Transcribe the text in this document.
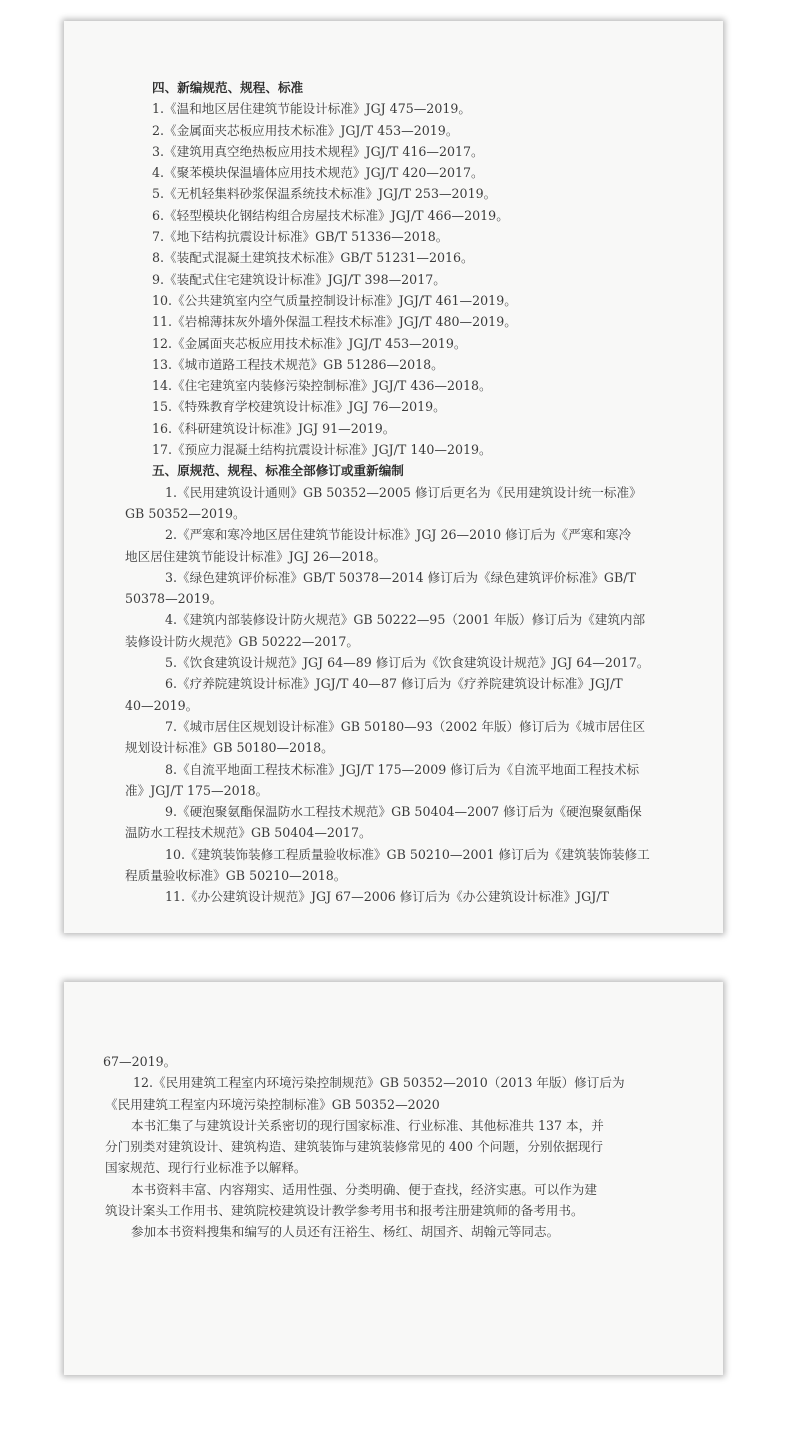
四、新编规范、规程、标准
1.《温和地区居住建筑节能设计标准》JGJ 475—2019。
2.《金属面夹芯板应用技术标准》JGJ/T 453—2019。
3.《建筑用真空绝热板应用技术规程》JGJ/T 416—2017。
4.《聚苯模块保温墙体应用技术规范》JGJ/T 420—2017。
5.《无机轻集料砂浆保温系统技术标准》JGJ/T 253—2019。
6.《轻型模块化钢结构组合房屋技术标准》JGJ/T 466—2019。
7.《地下结构抗震设计标准》GB/T 51336—2018。
8.《装配式混凝土建筑技术标准》GB/T 51231—2016。
9.《装配式住宅建筑设计标准》JGJ/T 398—2017。
10.《公共建筑室内空气质量控制设计标准》JGJ/T 461—2019。
11.《岩棉薄抹灰外墙外保温工程技术标准》JGJ/T 480—2019。
12.《金属面夹芯板应用技术标准》JGJ/T 453—2019。
13.《城市道路工程技术规范》GB 51286—2018。
14.《住宅建筑室内装修污染控制标准》JGJ/T 436—2018。
15.《特殊教育学校建筑设计标准》JGJ 76—2019。
16.《科研建筑设计标准》JGJ 91—2019。
17.《预应力混凝土结构抗震设计标准》JGJ/T 140—2019。
五、原规范、规程、标准全部修订或重新编制
1.《民用建筑设计通则》GB 50352—2005 修订后更名为《民用建筑设计统一标准》
GB 50352—2019。
2.《严寒和寒冷地区居住建筑节能设计标准》JGJ 26—2010 修订后为《严寒和寒冷
地区居住建筑节能设计标准》JGJ 26—2018。
3.《绿色建筑评价标准》GB/T 50378—2014 修订后为《绿色建筑评价标准》GB/T
50378—2019。
4.《建筑内部装修设计防火规范》GB 50222—95（2001 年版）修订后为《建筑内部
装修设计防火规范》GB 50222—2017。
5.《饮食建筑设计规范》JGJ 64—89 修订后为《饮食建筑设计规范》JGJ 64—2017。
6.《疗养院建筑设计标准》JGJ/T 40—87 修订后为《疗养院建筑设计标准》JGJ/T
40—2019。
7.《城市居住区规划设计标准》GB 50180—93（2002 年版）修订后为《城市居住区
规划设计标准》GB 50180—2018。
8.《自流平地面工程技术标准》JGJ/T 175—2009 修订后为《自流平地面工程技术标
准》JGJ/T 175—2018。
9.《硬泡聚氨酯保温防水工程技术规范》GB 50404—2007 修订后为《硬泡聚氨酯保
温防水工程技术规范》GB 50404—2017。
10.《建筑装饰装修工程质量验收标准》GB 50210—2001 修订后为《建筑装饰装修工
程质量验收标准》GB 50210—2018。
11.《办公建筑设计规范》JGJ 67—2006 修订后为《办公建筑设计标准》JGJ/T
67—2019。
12.《民用建筑工程室内环境污染控制规范》GB 50352—2010（2013 年版）修订后为
《民用建筑工程室内环境污染控制标准》GB 50352—2020
本书汇集了与建筑设计关系密切的现行国家标准、行业标准、其他标准共 137 本，并
分门别类对建筑设计、建筑构造、建筑装饰与建筑装修常见的 400 个问题，分别依据现行
国家规范、现行行业标准予以解释。
本书资料丰富、内容翔实、适用性强、分类明确、便于查找，经济实惠。可以作为建
筑设计案头工作用书、建筑院校建筑设计教学参考用书和报考注册建筑师的备考用书。
参加本书资料搜集和编写的人员还有汪裕生、杨红、胡国齐、胡翰元等同志。
